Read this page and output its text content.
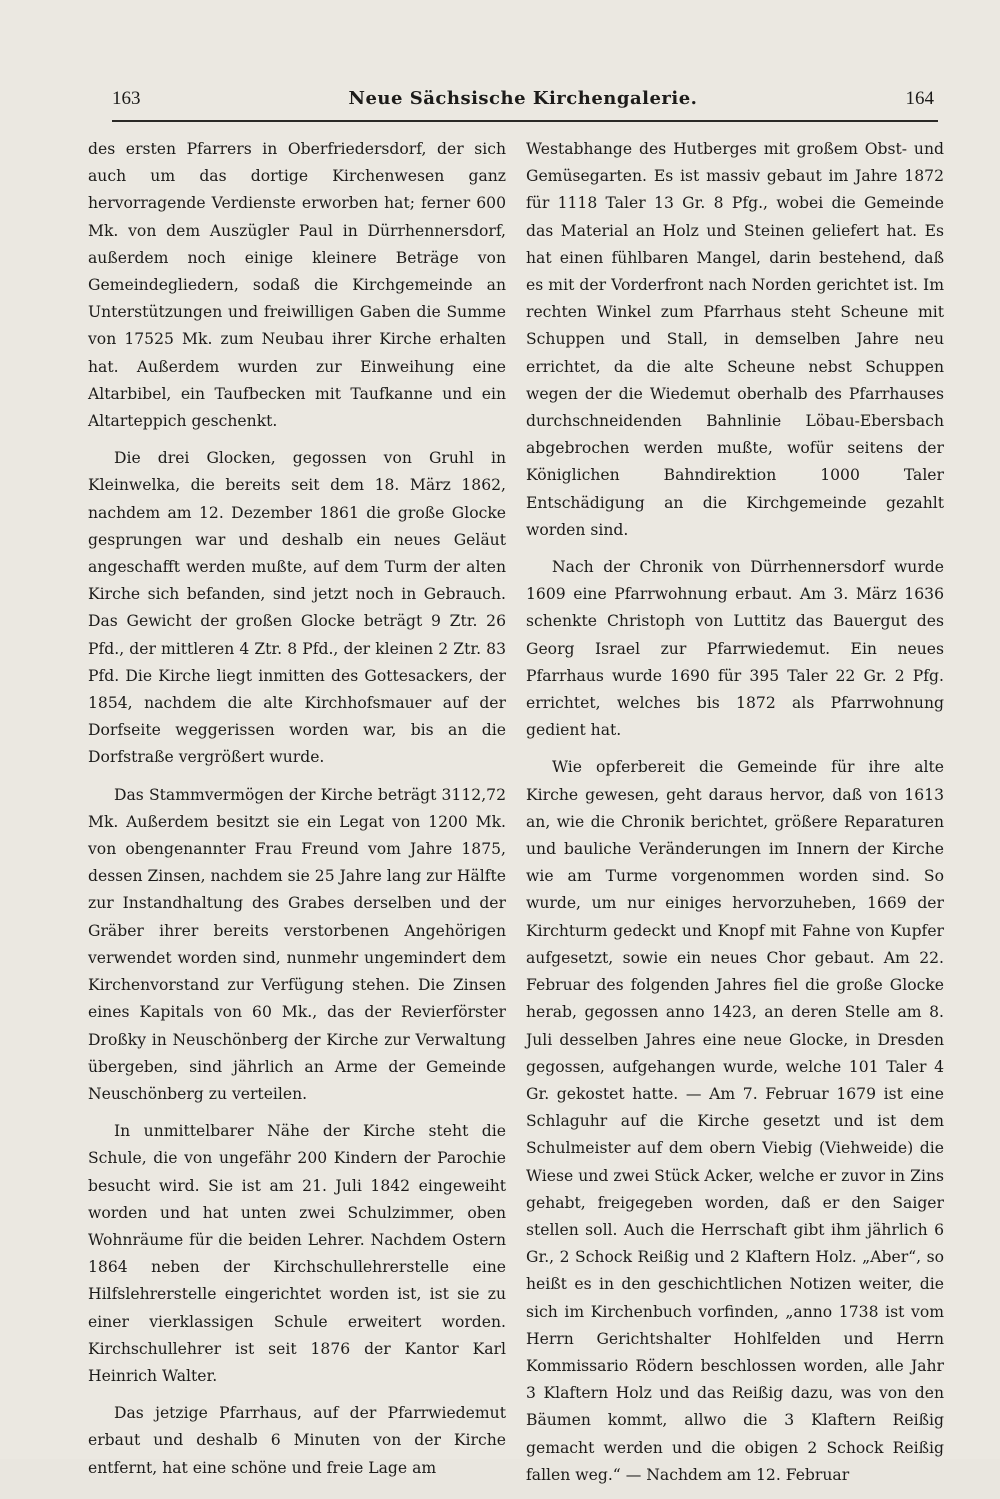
163	Neue Sächsische Kirchengalerie.	164

des ersten Pfarrers in Oberfriedersdorf, der sich auch um das dortige Kirchenwesen ganz hervorragende Verdienste erworben hat; ferner 600 Mk. von dem Auszügler Paul in Dürrhennersdorf, außerdem noch einige kleinere Beträge von Gemeindegliedern, sodaß die Kirchgemeinde an Unterstützungen und freiwilligen Gaben die Summe von 17525 Mk. zum Neubau ihrer Kirche erhalten hat. Außerdem wurden zur Einweihung eine Altarbibel, ein Taufbecken mit Taufkanne und ein Altarteppich geschenkt.

Die drei Glocken, gegossen von Gruhl in Kleinwelka, die bereits seit dem 18. März 1862, nachdem am 12. Dezember 1861 die große Glocke gesprungen war und deshalb ein neues Geläut angeschafft werden mußte, auf dem Turm der alten Kirche sich befanden, sind jetzt noch in Gebrauch. Das Gewicht der großen Glocke beträgt 9 Ztr. 26 Pfd., der mittleren 4 Ztr. 8 Pfd., der kleinen 2 Ztr. 83 Pfd. Die Kirche liegt inmitten des Gottesackers, der 1854, nachdem die alte Kirchhofsmauer auf der Dorfseite weggerissen worden war, bis an die Dorfstraße vergrößert wurde.

Das Stammvermögen der Kirche beträgt 3112,72 Mk. Außerdem besitzt sie ein Legat von 1200 Mk. von obengenannter Frau Freund vom Jahre 1875, dessen Zinsen, nachdem sie 25 Jahre lang zur Hälfte zur Instandhaltung des Grabes derselben und der Gräber ihrer bereits verstorbenen Angehörigen verwendet worden sind, nunmehr ungemindert dem Kirchenvorstand zur Verfügung stehen. Die Zinsen eines Kapitals von 60 Mk., das der Revierförster Droßky in Neuschönberg der Kirche zur Verwaltung übergeben, sind jährlich an Arme der Gemeinde Neuschönberg zu verteilen.

In unmittelbarer Nähe der Kirche steht die Schule, die von ungefähr 200 Kindern der Parochie besucht wird. Sie ist am 21. Juli 1842 eingeweiht worden und hat unten zwei Schulzimmer, oben Wohnräume für die beiden Lehrer. Nachdem Ostern 1864 neben der Kirchschullehrerstelle eine Hilfslehrerstelle eingerichtet worden ist, ist sie zu einer vierklassigen Schule erweitert worden. Kirchschullehrer ist seit 1876 der Kantor Karl Heinrich Walter.

Das jetzige Pfarrhaus, auf der Pfarrwiedemut erbaut und deshalb 6 Minuten von der Kirche entfernt, hat eine schöne und freie Lage am

Westabhange des Hutberges mit großem Obst- und Gemüsegarten. Es ist massiv gebaut im Jahre 1872 für 1118 Taler 13 Gr. 8 Pfg., wobei die Gemeinde das Material an Holz und Steinen geliefert hat. Es hat einen fühlbaren Mangel, darin bestehend, daß es mit der Vorderfront nach Norden gerichtet ist. Im rechten Winkel zum Pfarrhaus steht Scheune mit Schuppen und Stall, in demselben Jahre neu errichtet, da die alte Scheune nebst Schuppen wegen der die Wiedemut oberhalb des Pfarrhauses durchschneidenden Bahnlinie Löbau-Ebersbach abgebrochen werden mußte, wofür seitens der Königlichen Bahndirektion 1000 Taler Entschädigung an die Kirchgemeinde gezahlt worden sind.

Nach der Chronik von Dürrhennersdorf wurde 1609 eine Pfarrwohnung erbaut. Am 3. März 1636 schenkte Christoph von Luttitz das Bauergut des Georg Israel zur Pfarrwiedemut. Ein neues Pfarrhaus wurde 1690 für 395 Taler 22 Gr. 2 Pfg. errichtet, welches bis 1872 als Pfarrwohnung gedient hat.

Wie opferbereit die Gemeinde für ihre alte Kirche gewesen, geht daraus hervor, daß von 1613 an, wie die Chronik berichtet, größere Reparaturen und bauliche Veränderungen im Innern der Kirche wie am Turme vorgenommen worden sind. So wurde, um nur einiges hervorzuheben, 1669 der Kirchturm gedeckt und Knopf mit Fahne von Kupfer aufgesetzt, sowie ein neues Chor gebaut. Am 22. Februar des folgenden Jahres fiel die große Glocke herab, gegossen anno 1423, an deren Stelle am 8. Juli desselben Jahres eine neue Glocke, in Dresden gegossen, aufgehangen wurde, welche 101 Taler 4 Gr. gekostet hatte. — Am 7. Februar 1679 ist eine Schlaguhr auf die Kirche gesetzt und ist dem Schulmeister auf dem obern Viebig (Viehweide) die Wiese und zwei Stück Acker, welche er zuvor in Zins gehabt, freigegeben worden, daß er den Saiger stellen soll. Auch die Herrschaft gibt ihm jährlich 6 Gr., 2 Schock Reißig und 2 Klaftern Holz. „Aber“, so heißt es in den geschichtlichen Notizen weiter, die sich im Kirchenbuch vorfinden, „anno 1738 ist vom Herrn Gerichtshalter Hohlfelden und Herrn Kommissario Rödern beschlossen worden, alle Jahr 3 Klaftern Holz und das Reißig dazu, was von den Bäumen kommt, allwo die 3 Klaftern Reißig gemacht werden und die obigen 2 Schock Reißig fallen weg.“ — Nachdem am 12. Februar
